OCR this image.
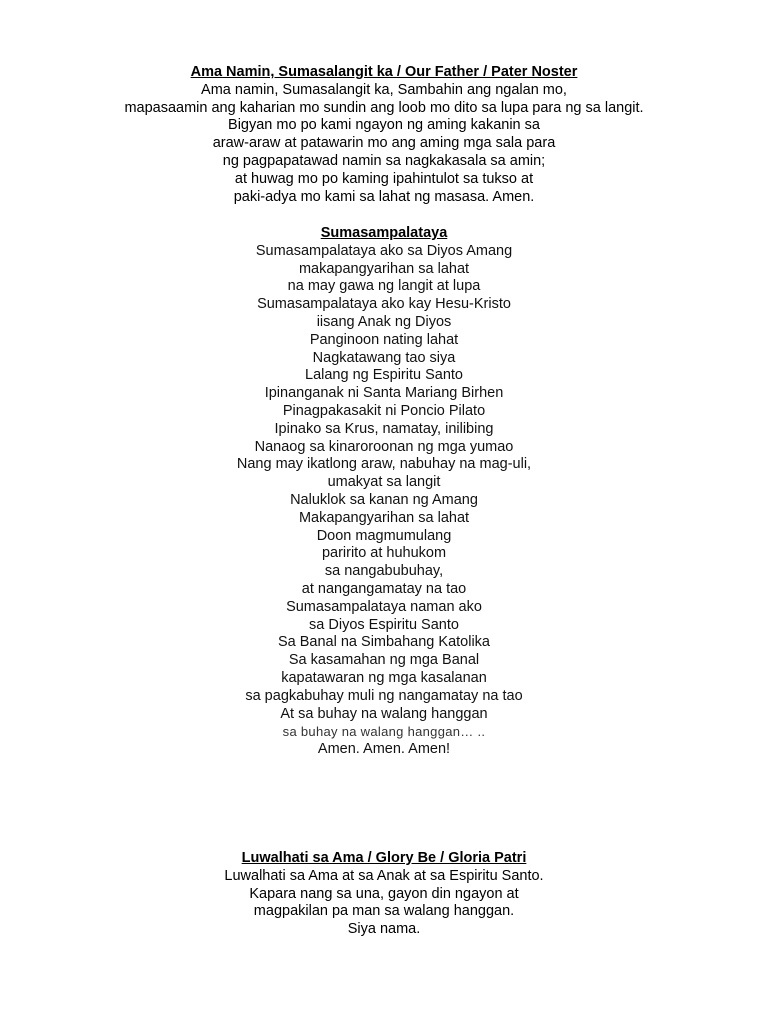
Ama Namin, Sumasalangit ka / Our Father / Pater Noster
Ama namin, Sumasalangit ka, Sambahin ang ngalan mo,
mapasaamin ang kaharian mo sundin ang loob mo dito sa lupa para ng sa langit.
Bigyan mo po kami ngayon ng aming kakanin sa
araw-araw at patawarin mo ang aming mga sala para
ng pagpapatawad namin sa nagkakasala sa amin;
at huwag mo po kaming ipahintulot sa tukso at
paki-adya mo kami sa lahat ng masasa. Amen.
Sumasampalataya
Sumasampalataya ako sa Diyos Amang
makapangyarihan sa lahat
na may gawa ng langit at lupa
Sumasampalataya ako kay Hesu-Kristo
iisang Anak ng Diyos
Panginoon nating lahat
Nagkatawang tao siya
Lalang ng Espiritu Santo
Ipinanganak ni Santa Mariang Birhen
Pinagpakasakit ni Poncio Pilato
Ipinako sa Krus, namatay, inilibing
Nanaog sa kinaroroonan ng mga yumao
Nang may ikatlong araw, nabuhay na mag-uli,
umakyat sa langit
Naluklok sa kanan ng Amang
Makapangyarihan sa lahat
Doon magmumulang
paririto at huhukom
sa nangabubuhay,
at nangangamatay na tao
Sumasampalataya naman ako
sa Diyos Espiritu Santo
Sa Banal na Simbahang Katolika
Sa kasamahan ng mga Banal
kapatawaran ng mga kasalanan
sa pagkabuhay muli ng nangamatay na tao
At sa buhay na walang hanggan
sa buhay na walang hanggan… ..
Amen. Amen. Amen!
Luwalhati sa Ama / Glory Be / Gloria Patri
Luwalhati sa Ama at sa Anak at sa Espiritu Santo.
Kapara nang sa una, gayon din ngayon at
magpakilan pa man sa walang hanggan.
Siya nama.
